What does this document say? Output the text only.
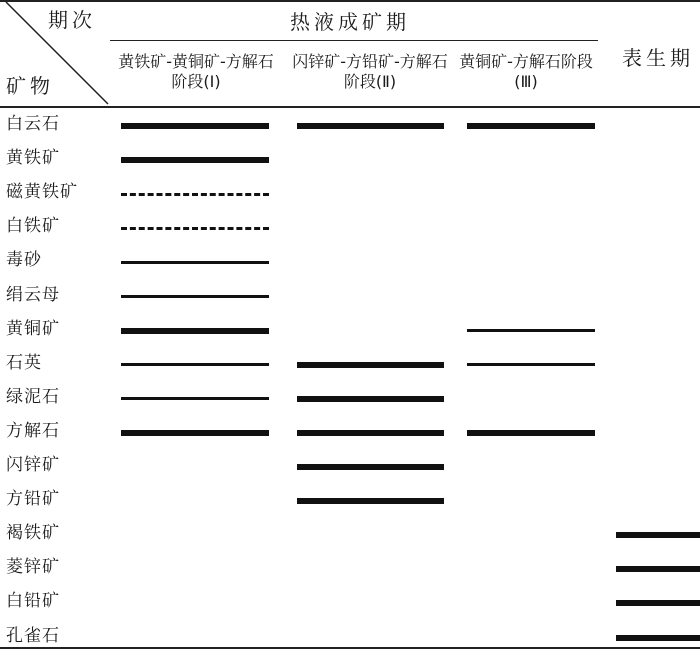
期次
矿物
热液成矿期
表生期
黄铁矿-黄铜矿-方解石阶段(Ⅰ)
闪锌矿-方铅矿-方解石阶段(Ⅱ)
黄铜矿-方解石阶段(Ⅲ)
白云石
黄铁矿
磁黄铁矿
白铁矿
毒砂
绢云母
黄铜矿
石英
绿泥石
方解石
闪锌矿
方铅矿
褐铁矿
菱锌矿
白铅矿
孔雀石
